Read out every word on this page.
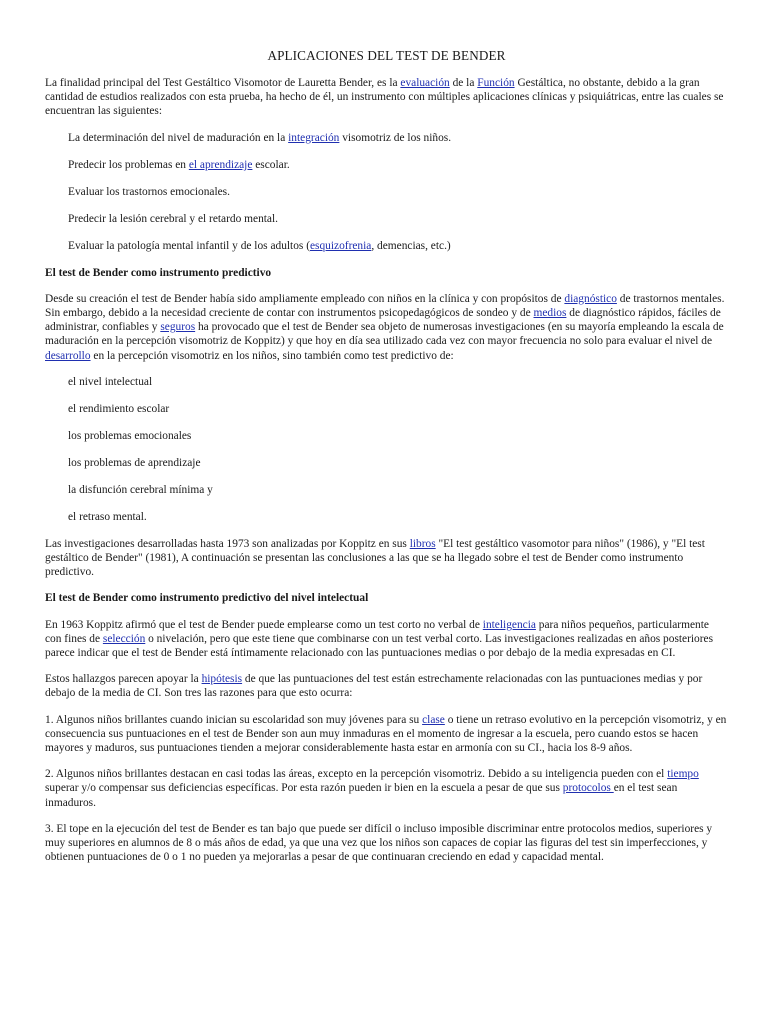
APLICACIONES DEL TEST DE BENDER

La finalidad principal del Test Gestáltico Visomotor de Lauretta Bender, es la evaluación de la Función Gestáltica, no obstante, debido a la gran cantidad de estudios realizados con esta prueba, ha hecho de él, un instrumento con múltiples aplicaciones clínicas y psiquiátricas, entre las cuales se encuentran las siguientes:

La determinación del nivel de maduración en la integración visomotriz de los niños.
Predecir los problemas en el aprendizaje escolar.
Evaluar los trastornos emocionales.
Predecir la lesión cerebral y el retardo mental.
Evaluar la patología mental infantil y de los adultos (esquizofrenia, demencias, etc.)
El test de Bender como instrumento predictivo

Desde su creación el test de Bender había sido ampliamente empleado con niños en la clínica y con propósitos de diagnóstico de trastornos mentales. Sin embargo, debido a la necesidad creciente de contar con instrumentos psicopedagógicos de sondeo y de medios de diagnóstico rápidos, fáciles de administrar, confiables y seguros ha provocado que el test de Bender sea objeto de numerosas investigaciones (en su mayoría empleando la escala de maduración en la percepción visomotriz de Koppitz) y que hoy en día sea utilizado cada vez con mayor frecuencia no solo para evaluar el nivel de desarrollo en la percepción visomotriz en los niños, sino también como test predictivo de:

el nivel intelectual
el rendimiento escolar
los problemas emocionales
los problemas de aprendizaje
la disfunción cerebral mínima y
el retraso mental.

Las investigaciones desarrolladas hasta 1973 son analizadas por Koppitz en sus libros "El test gestáltico vasomotor para niños" (1986), y "El test gestáltico de Bender" (1981), A continuación se presentan las conclusiones a las que se ha llegado sobre el test de Bender como instrumento predictivo.

El test de Bender como instrumento predictivo del nivel intelectual

En 1963 Koppitz afirmó que el test de Bender puede emplearse como un test corto no verbal de inteligencia para niños pequeños, particularmente con fines de selección o nivelación, pero que este tiene que combinarse con un test verbal corto. Las investigaciones realizadas en años posteriores parece indicar que el test de Bender está íntimamente relacionado con las puntuaciones medias o por debajo de la media expresadas en CI.

Estos hallazgos parecen apoyar la hipótesis de que las puntuaciones del test están estrechamente relacionadas con las puntuaciones medias y por debajo de la media de CI. Son tres las razones para que esto ocurra:

1. Algunos niños brillantes cuando inician su escolaridad son muy jóvenes para su clase o tiene un retraso evolutivo en la percepción visomotriz, y en consecuencia sus puntuaciones en el test de Bender son aun muy inmaduras en el momento de ingresar a la escuela, pero cuando estos se hacen mayores y maduros, sus puntuaciones tienden a mejorar considerablemente hasta estar en armonía con su CI., hacia los 8-9 años.

2. Algunos niños brillantes destacan en casi todas las áreas, excepto en la percepción visomotriz. Debido a su inteligencia pueden con el tiempo superar y/o compensar sus deficiencias específicas. Por esta razón pueden ir bien en la escuela a pesar de que sus protocolos en el test sean inmaduros.

3. El tope en la ejecución del test de Bender es tan bajo que puede ser difícil o incluso imposible discriminar entre protocolos medios, superiores y muy superiores en alumnos de 8 o más años de edad, ya que una vez que los niños son capaces de copiar las figuras del test sin imperfecciones, y obtienen puntuaciones de 0 o 1 no pueden ya mejorarlas a pesar de que continuaran creciendo en edad y capacidad mental.
